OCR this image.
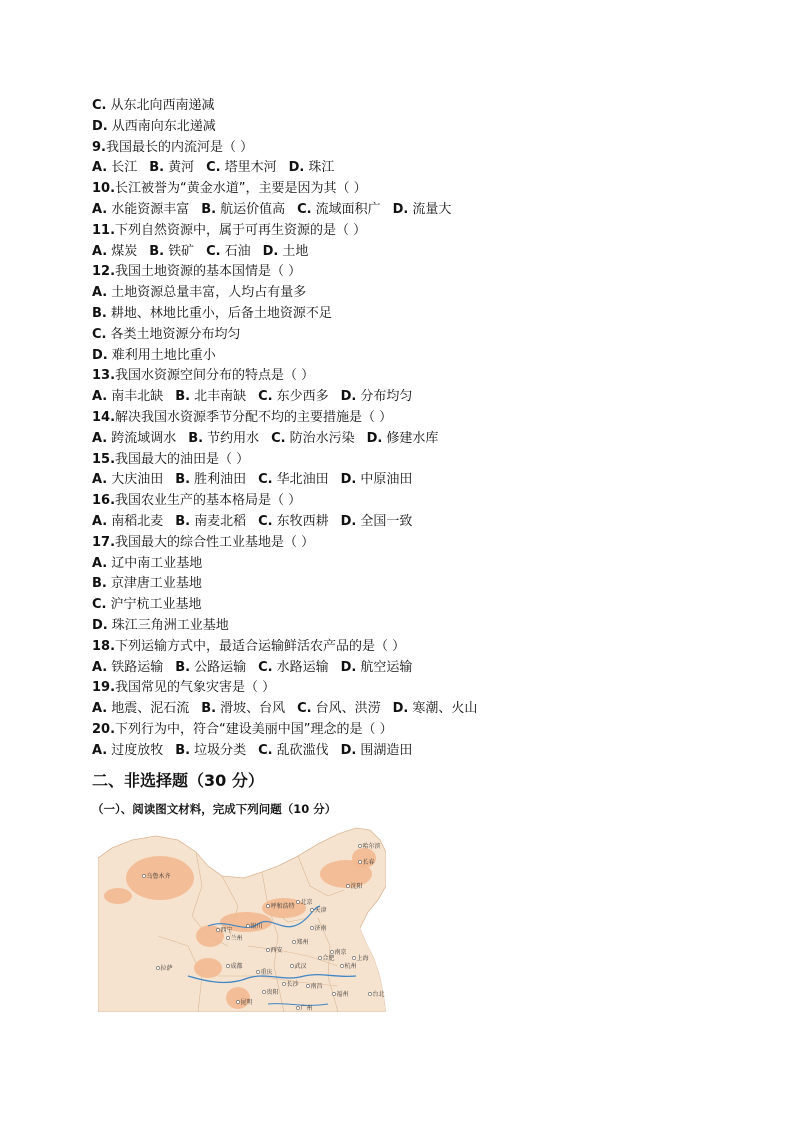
C. 从东北向西南递减
D. 从西南向东北递减
9.我国最长的内流河是（ ）
A. 长江 B. 黄河 C. 塔里木河 D. 珠江
10.长江被誉为“黄金水道”，主要是因为其（ ）
A. 水能资源丰富 B. 航运价值高 C. 流域面积广 D. 流量大
11.下列自然资源中，属于可再生资源的是（ ）
A. 煤炭 B. 铁矿 C. 石油 D. 土地
12.我国土地资源的基本国情是（ ）
A. 土地资源总量丰富，人均占有量多
B. 耕地、林地比重小，后备土地资源不足
C. 各类土地资源分布均匀
D. 难利用土地比重小
13.我国水资源空间分布的特点是（ ）
A. 南丰北缺 B. 北丰南缺 C. 东少西多 D. 分布均匀
14.解决我国水资源季节分配不均的主要措施是（ ）
A. 跨流域调水 B. 节约用水 C. 防治水污染 D. 修建水库
15.我国最大的油田是（ ）
A. 大庆油田 B. 胜利油田 C. 华北油田 D. 中原油田
16.我国农业生产的基本格局是（ ）
A. 南稻北麦 B. 南麦北稻 C. 东牧西耕 D. 全国一致
17.我国最大的综合性工业基地是（ ）
A. 辽中南工业基地
B. 京津唐工业基地
C. 沪宁杭工业基地
D. 珠江三角洲工业基地
18.下列运输方式中，最适合运输鲜活农产品的是（ ）
A. 铁路运输 B. 公路运输 C. 水路运输 D. 航空运输
19.我国常见的气象灾害是（ ）
A. 地震、泥石流 B. 滑坡、台风 C. 台风、洪涝 D. 寒潮、火山
20.下列行为中，符合“建设美丽中国”理念的是（ ）
A. 过度放牧 B. 垃圾分类 C. 乱砍滥伐 D. 围湖造田
二、非选择题（30 分）
（一）、阅读图文材料，完成下列问题（10 分）
乌鲁木齐
哈尔滨
长春
沈阳
北京
天津
呼和浩特
银川
西宁
兰州
济南
郑州
西安
拉萨	成都
重庆
武汉
合肥
南京
上海
杭州
长沙 南昌
贵阳
昆明
福州	台北
广州
